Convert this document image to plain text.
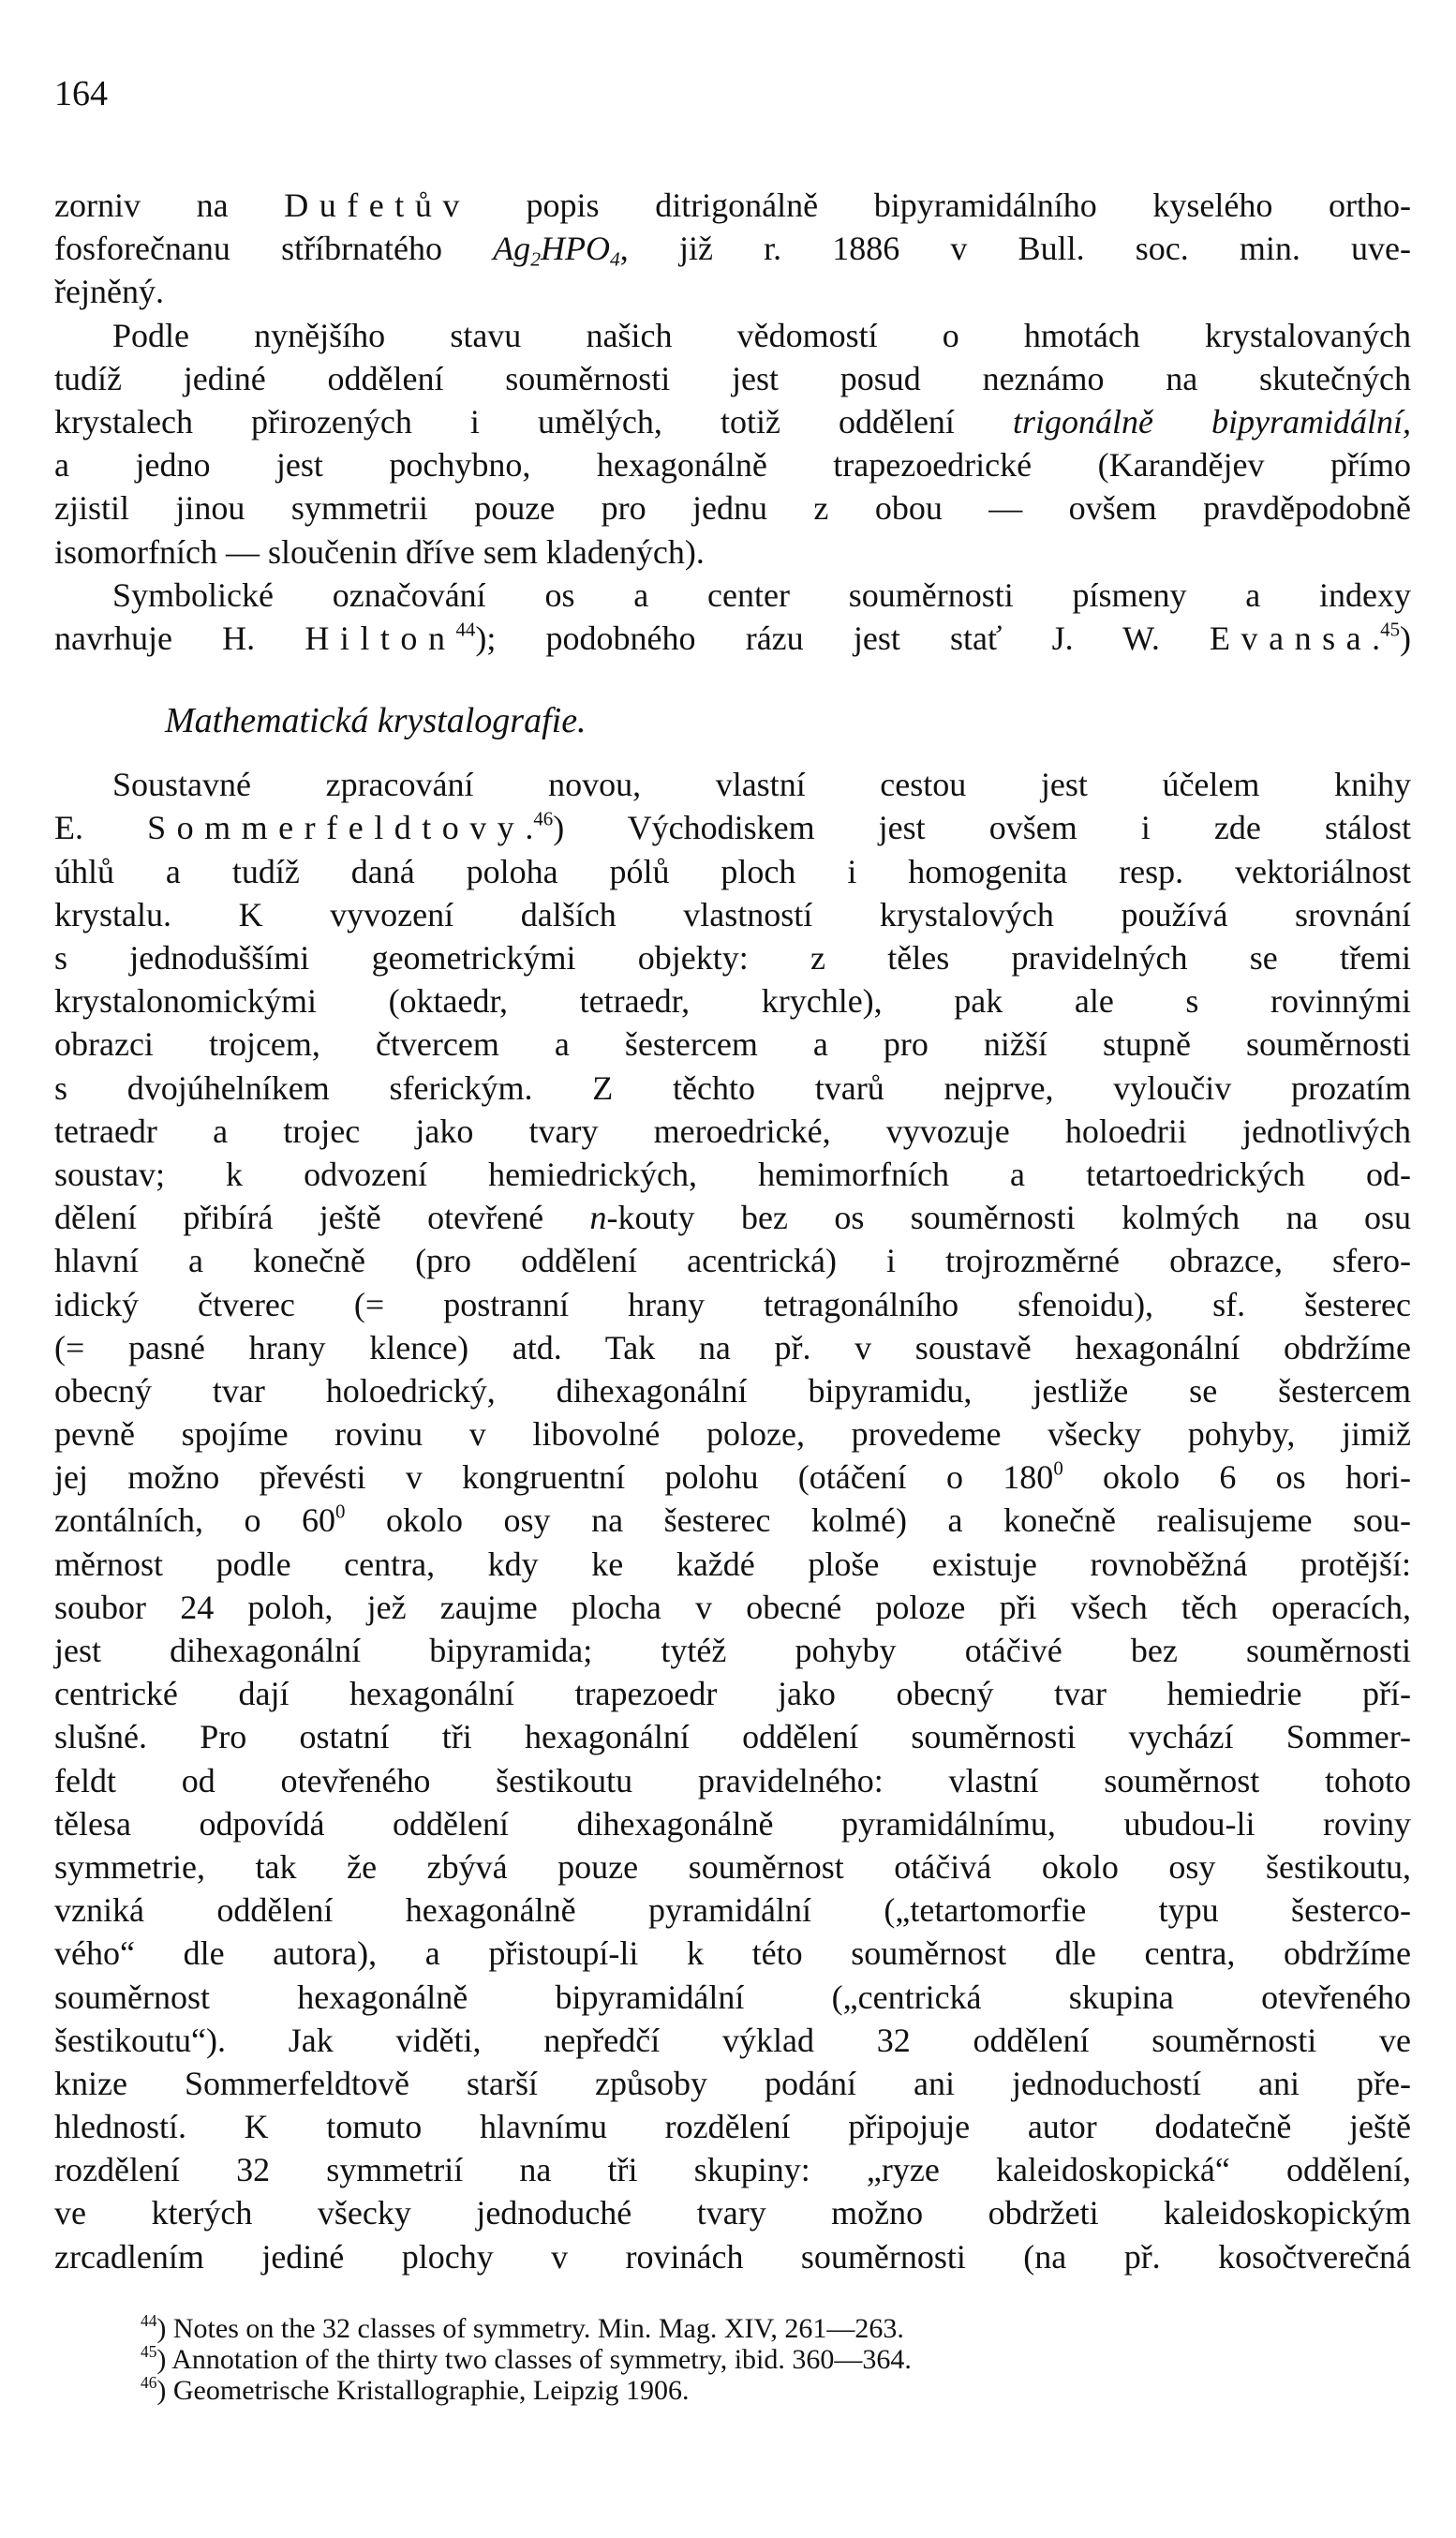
164
zorniv na Dufetův popis ditrigonálně bipyramidálního kyselého ortho-
fosforečnanu stříbrnatého $Ag_2HPO_4$, již r. 1886 v Bull. soc. min. uve-
řejněný.
Podle nynějšího stavu našich vědomostí o hmotách krystalovaných
tudíž jediné oddělení souměrnosti jest posud neznámo na skutečných
krystalech přirozených i umělých, totiž oddělení trigonálně bipyramidální,
a jedno jest pochybno, hexagonálně trapezoedrické (Karandějev přímo
zjistil jinou symmetrii pouze pro jednu z obou — ovšem pravděpodobně
isomorfních — sloučenin dříve sem kladených).
Symbolické označování os a center souměrnosti písmeny a indexy
navrhuje H. Hilton$^{44}$); podobného rázu jest stať J. W. Evansa.$^{45}$)
Mathematická krystalografie.
Soustavné zpracování novou, vlastní cestou jest účelem knihy
E. Sommerfeldtovy.$^{46}$) Východiskem jest ovšem i zde stálost
úhlů a tudíž daná poloha pólů ploch i homogenita resp. vektoriálnost
krystalu. K vyvození dalších vlastností krystalových používá srovnání
s jednoduššími geometrickými objekty: z těles pravidelných se třemi
krystalonomickými (oktaedr, tetraedr, krychle), pak ale s rovinnými
obrazci trojcem, čtvercem a šestercem a pro nižší stupně souměrnosti
s dvojúhelníkem sferickým. Z těchto tvarů nejprve, vyloučiv prozatím
tetraedr a trojec jako tvary meroedrické, vyvozuje holoedrii jednotlivých
soustav; k odvození hemiedrických, hemimorfních a tetartoedrických od-
dělení přibírá ještě otevřené n-kouty bez os souměrnosti kolmých na osu
hlavní a konečně (pro oddělení acentrická) i trojrozměrné obrazce, sfero-
idický čtverec (= postranní hrany tetragonálního sfenoidu), sf. šesterec
(= pasné hrany klence) atd. Tak na př. v soustavě hexagonální obdržíme
obecný tvar holoedrický, dihexagonální bipyramidu, jestliže se šestercem
pevně spojíme rovinu v libovolné poloze, provedeme všecky pohyby, jimiž
jej možno převésti v kongruentní polohu (otáčení o $180^0$ okolo 6 os hori-
zontálních, o $60^0$ okolo osy na šesterec kolmé) a konečně realisujeme sou-
měrnost podle centra, kdy ke každé ploše existuje rovnoběžná protější:
soubor 24 poloh, jež zaujme plocha v obecné poloze při všech těch operacích,
jest dihexagonální bipyramida; tytéž pohyby otáčivé bez souměrnosti
centrické dají hexagonální trapezoedr jako obecný tvar hemiedrie pří-
slušné. Pro ostatní tři hexagonální oddělení souměrnosti vychází Sommer-
feldt od otevřeného šestikoutu pravidelného: vlastní souměrnost tohoto
tělesa odpovídá oddělení dihexagonálně pyramidálnímu, ubudou-li roviny
symmetrie, tak že zbývá pouze souměrnost otáčivá okolo osy šestikoutu,
vzniká oddělení hexagonálně pyramidální („tetartomorfie typu šesterco-
vého“ dle autora), a přistoupí-li k této souměrnost dle centra, obdržíme
souměrnost hexagonálně bipyramidální („centrická skupina otevřeného
šestikoutu“). Jak viděti, nepředčí výklad 32 oddělení souměrnosti ve
knize Sommerfeldtově starší způsoby podání ani jednoduchostí ani pře-
hledností. K tomuto hlavnímu rozdělení připojuje autor dodatečně ještě
rozdělení 32 symmetrií na tři skupiny: „ryze kaleidoskopická“ oddělení,
ve kterých všecky jednoduché tvary možno obdržeti kaleidoskopickým
zrcadlením jediné plochy v rovinách souměrnosti (na př. kosočtverečná
$^{44}$) Notes on the 32 classes of symmetry. Min. Mag. XIV, 261—263.
$^{45}$) Annotation of the thirty two classes of symmetry, ibid. 360—364.
$^{46}$) Geometrische Kristallographie, Leipzig 1906.
